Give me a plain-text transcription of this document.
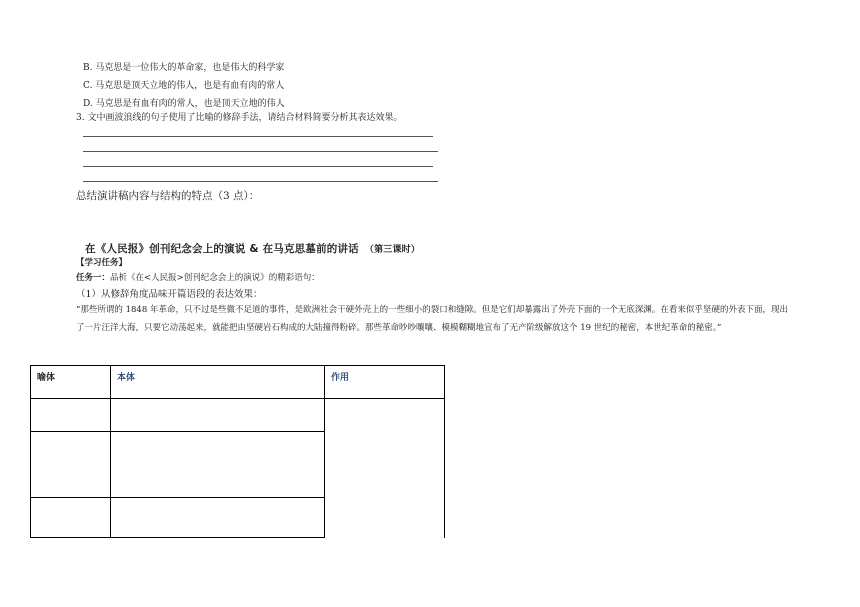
B. 马克思是一位伟大的革命家，也是伟大的科学家
C. 马克思是顶天立地的伟人，也是有血有肉的常人
D. 马克思是有血有肉的常人，也是顶天立地的伟人
3. 文中画波浪线的句子使用了比喻的修辞手法，请结合材料简要分析其表达效果。
总结演讲稿内容与结构的特点（3 点）：
在《人民报》创刊纪念会上的演说 & 在马克思墓前的讲话 （第三课时）
【学习任务】
任务一：品析《在<人民报>创刊纪念会上的演说》的精彩语句：
（1）从修辞角度品味开篇语段的表达效果：
“那些所谓的 1848 年革命，只不过是些微不足道的事件，是欧洲社会干硬外壳上的一些细小的裂口和缝隙。但是它们却暴露出了外壳下面的一个无底深渊。在看来似乎坚硬的外表下面，现出了一片汪洋大海，只要它动荡起来，就能把由坚硬岩石构成的大陆撞得粉碎。那些革命吵吵嚷嚷、模模糊糊地宣布了无产阶级解放这个 19 世纪的秘密，本世纪革命的秘密。”
喻体	本体	作用
